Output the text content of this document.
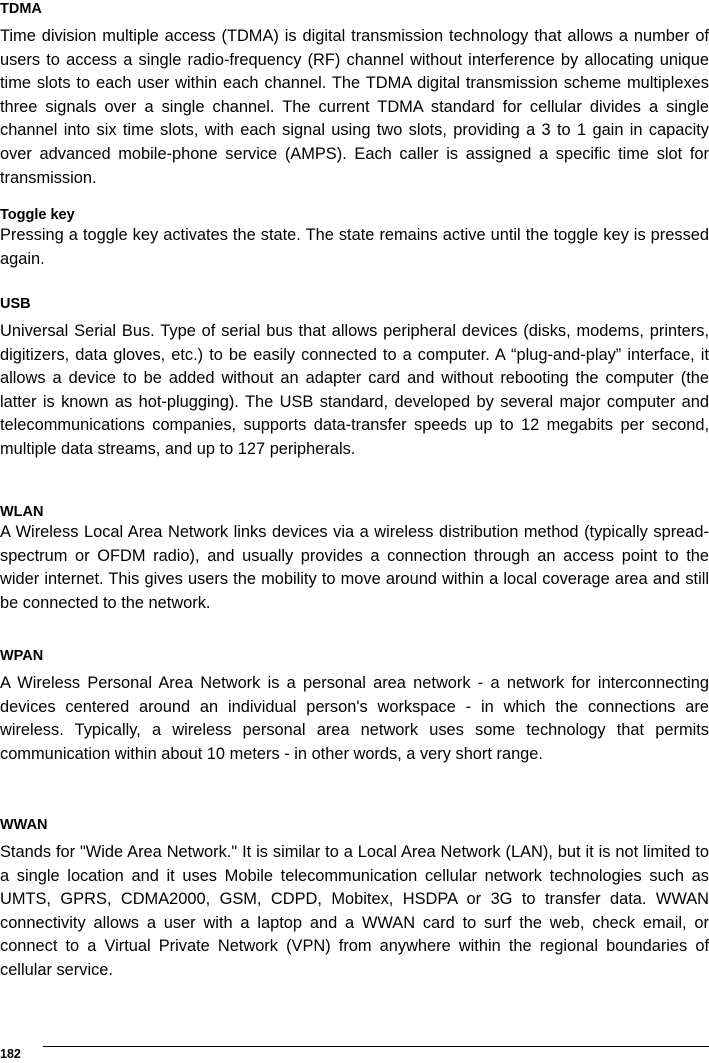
TDMA

Time division multiple access (TDMA) is digital transmission technology that allows a number of users to access a single radio-frequency (RF) channel without interference by allocating unique time slots to each user within each channel. The TDMA digital transmission scheme multiplexes three signals over a single channel. The current TDMA standard for cellular divides a single channel into six time slots, with each signal using two slots, providing a 3 to 1 gain in capacity over advanced mobile-phone service (AMPS). Each caller is assigned a specific time slot for transmission.

Toggle key

Pressing a toggle key activates the state. The state remains active until the toggle key is pressed again.

USB

Universal Serial Bus. Type of serial bus that allows peripheral devices (disks, modems, printers, digitizers, data gloves, etc.) to be easily connected to a computer. A “plug-and-play” interface, it allows a device to be added without an adapter card and without rebooting the computer (the latter is known as hot-plugging). The USB standard, developed by several major computer and telecommunications companies, supports data-transfer speeds up to 12 megabits per second, multiple data streams, and up to 127 peripherals.

WLAN

A Wireless Local Area Network links devices via a wireless distribution method (typically spread-spectrum or OFDM radio), and usually provides a connection through an access point to the wider internet. This gives users the mobility to move around within a local coverage area and still be connected to the network.

WPAN

A Wireless Personal Area Network is a personal area network - a network for interconnecting devices centered around an individual person's workspace - in which the connections are wireless. Typically, a wireless personal area network uses some technology that permits communication within about 10 meters - in other words, a very short range.

WWAN

Stands for "Wide Area Network." It is similar to a Local Area Network (LAN), but it is not limited to a single location and it uses Mobile telecommunication cellular network technologies such as UMTS, GPRS, CDMA2000, GSM, CDPD, Mobitex, HSDPA or 3G to transfer data. WWAN connectivity allows a user with a laptop and a WWAN card to surf the web, check email, or connect to a Virtual Private Network (VPN) from anywhere within the regional boundaries of cellular service.

182
